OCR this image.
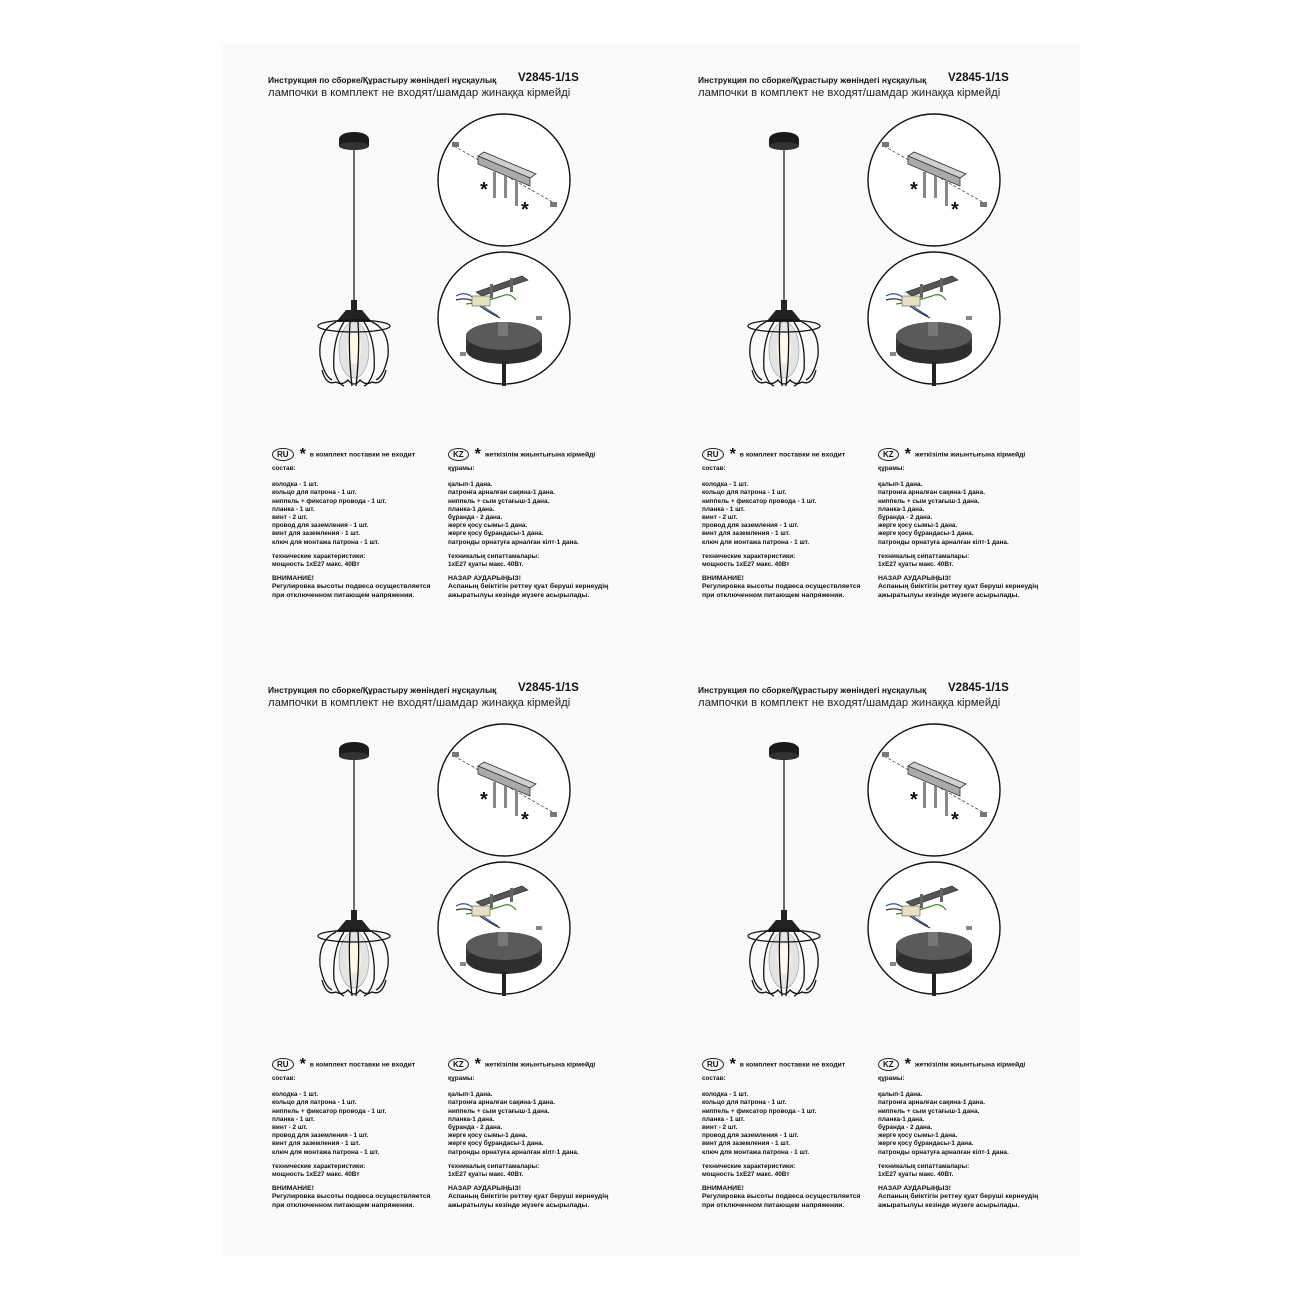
Инструкция по сборке/Құрастыру жөніндегі нұсқаулық V2845-1/1S
лампочки в комплект не входят/шамдар жинаққа кірмейді
*
*
RU * в комплект поставки не входит	KZ * жеткізілім жиынтығына кірмейді
состав:
колодка - 1 шт.
кольцо для патрона - 1 шт.
ниппель + фиксатор провода - 1 шт.
планка - 1 шт.
винт - 2 шт.
провод для заземления - 1 шт.
винт для заземления - 1 шт.
ключ для монтажа патрона - 1 шт.
технические характеристики:
мощность 1xE27 макс. 40Вт
ВНИМАНИЕ!
Регулировка высоты подвеса осуществляется
при отключенном питающем напряжении.
құрамы:
қалып-1 дана.
патронға арналған сақина-1 дана.
ниппель + сым ұстағыш-1 дана.
планка-1 дана.
бұранда - 2 дана.
жерге қосу сымы-1 дана.
жерге қосу бұрандасы-1 дана.
патронды орнатуға арналған кілт-1 дана.
техникалық сипаттамалары:
1xE27 қуаты макс. 40Вт.
НАЗАР АУДАРЫҢЫЗ!
Аспаның биіктігін реттеу қуат беруші кернеудің
ажыратылуы кезінде жүзеге асырылады.
Инструкция по сборке/Құрастыру жөніндегі нұсқаулық V2845-1/1S
лампочки в комплект не входят/шамдар жинаққа кірмейді
*
*
RU * в комплект поставки не входит	KZ * жеткізілім жиынтығына кірмейді
состав:
колодка - 1 шт.
кольцо для патрона - 1 шт.
ниппель + фиксатор провода - 1 шт.
планка - 1 шт.
винт - 2 шт.
провод для заземления - 1 шт.
винт для заземления - 1 шт.
ключ для монтажа патрона - 1 шт.
технические характеристики:
мощность 1xE27 макс. 40Вт
ВНИМАНИЕ!
Регулировка высоты подвеса осуществляется
при отключенном питающем напряжении.
құрамы:
қалып-1 дана.
патронға арналған сақина-1 дана.
ниппель + сым ұстағыш-1 дана.
планка-1 дана.
бұранда - 2 дана.
жерге қосу сымы-1 дана.
жерге қосу бұрандасы-1 дана.
патронды орнатуға арналған кілт-1 дана.
техникалық сипаттамалары:
1xE27 қуаты макс. 40Вт.
НАЗАР АУДАРЫҢЫЗ!
Аспаның биіктігін реттеу қуат беруші кернеудің
ажыратылуы кезінде жүзеге асырылады.
Инструкция по сборке/Құрастыру жөніндегі нұсқаулық V2845-1/1S
лампочки в комплект не входят/шамдар жинаққа кірмейді
*
*
RU * в комплект поставки не входит	KZ * жеткізілім жиынтығына кірмейді
состав:
колодка - 1 шт.
кольцо для патрона - 1 шт.
ниппель + фиксатор провода - 1 шт.
планка - 1 шт.
винт - 2 шт.
провод для заземления - 1 шт.
винт для заземления - 1 шт.
ключ для монтажа патрона - 1 шт.
технические характеристики:
мощность 1xE27 макс. 40Вт
ВНИМАНИЕ!
Регулировка высоты подвеса осуществляется
при отключенном питающем напряжении.
құрамы:
қалып-1 дана.
патронға арналған сақина-1 дана.
ниппель + сым ұстағыш-1 дана.
планка-1 дана.
бұранда - 2 дана.
жерге қосу сымы-1 дана.
жерге қосу бұрандасы-1 дана.
патронды орнатуға арналған кілт-1 дана.
техникалық сипаттамалары:
1xE27 қуаты макс. 40Вт.
НАЗАР АУДАРЫҢЫЗ!
Аспаның биіктігін реттеу қуат беруші кернеудің
ажыратылуы кезінде жүзеге асырылады.
Инструкция по сборке/Құрастыру жөніндегі нұсқаулық V2845-1/1S
лампочки в комплект не входят/шамдар жинаққа кірмейді
*
*
RU * в комплект поставки не входит	KZ * жеткізілім жиынтығына кірмейді
состав:
колодка - 1 шт.
кольцо для патрона - 1 шт.
ниппель + фиксатор провода - 1 шт.
планка - 1 шт.
винт - 2 шт.
провод для заземления - 1 шт.
винт для заземления - 1 шт.
ключ для монтажа патрона - 1 шт.
технические характеристики:
мощность 1xE27 макс. 40Вт
ВНИМАНИЕ!
Регулировка высоты подвеса осуществляется
при отключенном питающем напряжении.
құрамы:
қалып-1 дана.
патронға арналған сақина-1 дана.
ниппель + сым ұстағыш-1 дана.
планка-1 дана.
бұранда - 2 дана.
жерге қосу сымы-1 дана.
жерге қосу бұрандасы-1 дана.
патронды орнатуға арналған кілт-1 дана.
техникалық сипаттамалары:
1xE27 қуаты макс. 40Вт.
НАЗАР АУДАРЫҢЫЗ!
Аспаның биіктігін реттеу қуат беруші кернеудің
ажыратылуы кезінде жүзеге асырылады.
